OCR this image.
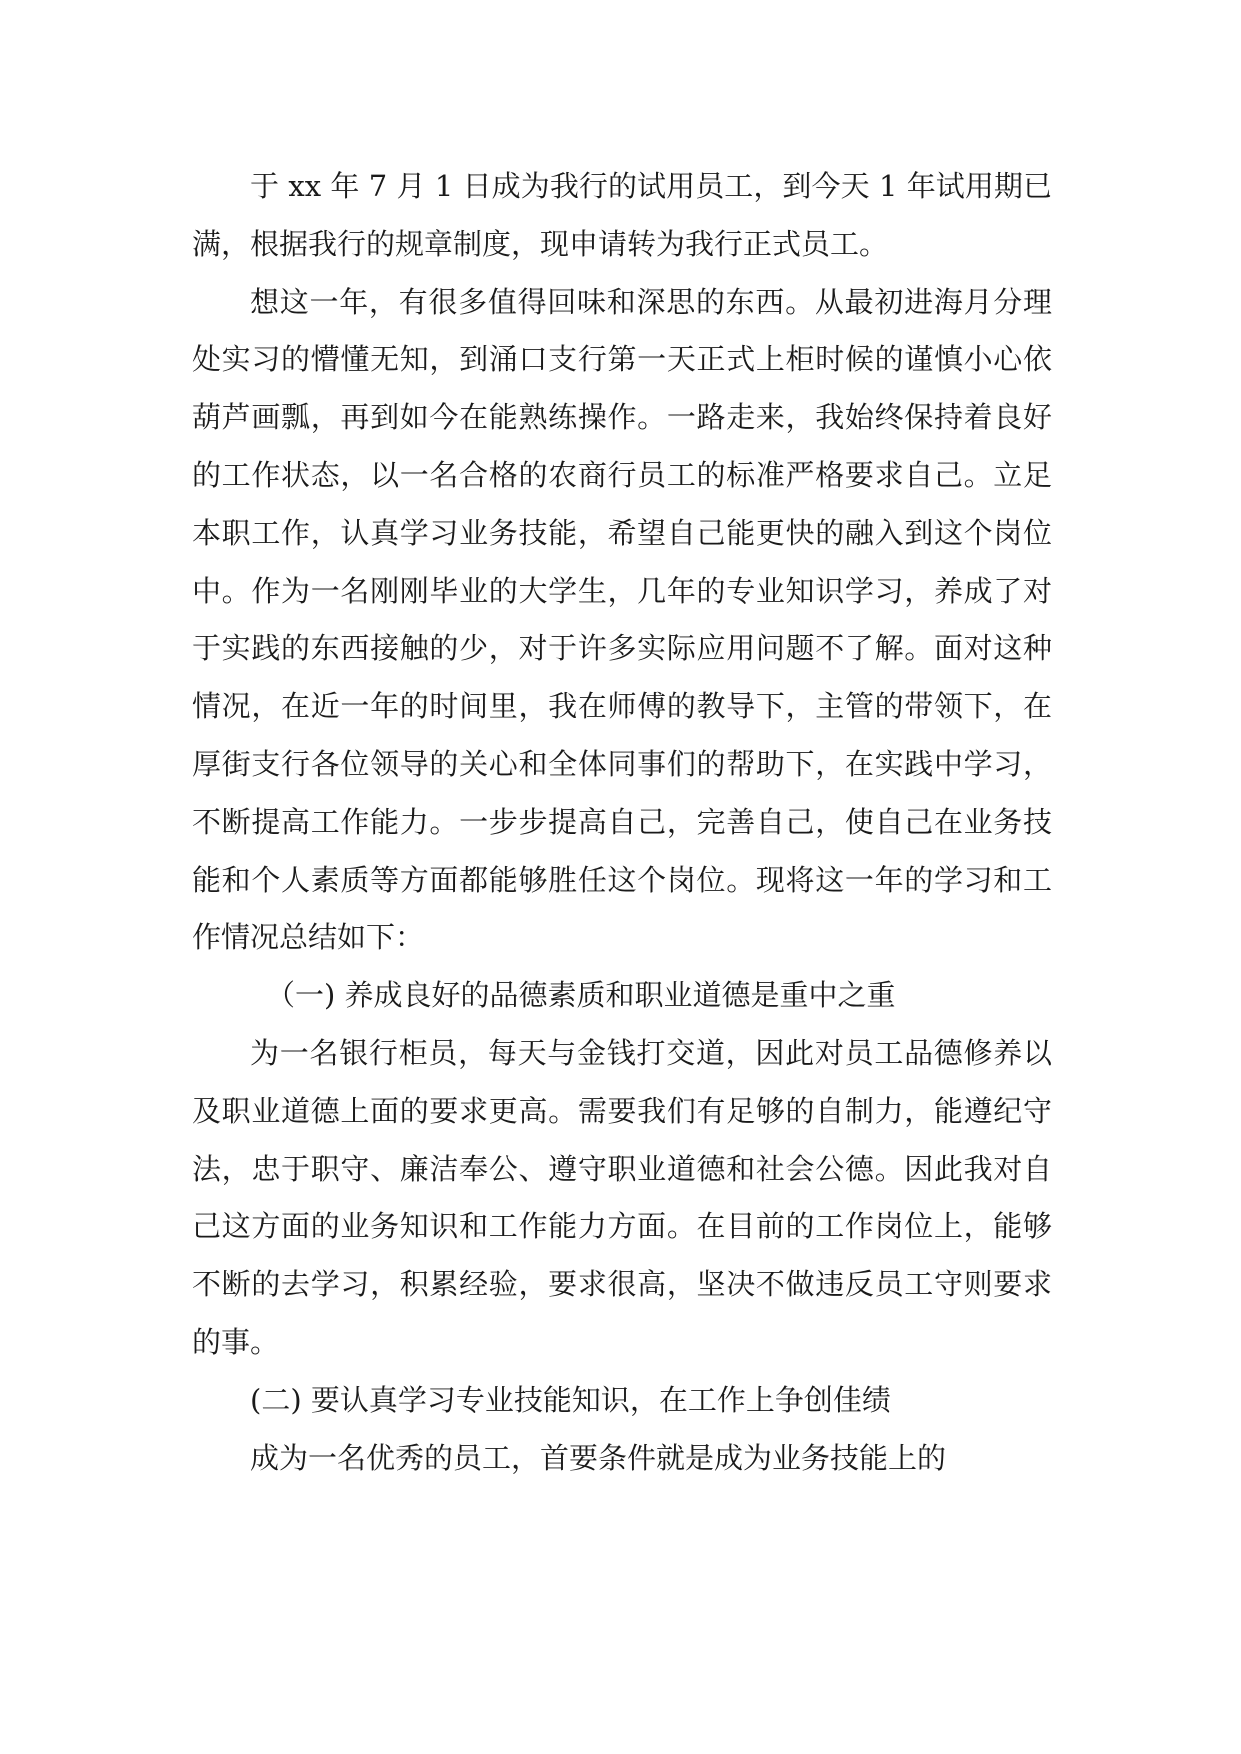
于 xx 年 7 月 1 日成为我行的试用员工，到今天 1 年试用期已满，根据我行的规章制度，现申请转为我行正式员工。

想这一年，有很多值得回味和深思的东西。从最初进海月分理处实习的懵懂无知，到涌口支行第一天正式上柜时候的谨慎小心依葫芦画瓢，再到如今在能熟练操作。一路走来，我始终保持着良好的工作状态，以一名合格的农商行员工的标准严格要求自己。立足本职工作，认真学习业务技能，希望自己能更快的融入到这个岗位中。作为一名刚刚毕业的大学生，几年的专业知识学习，养成了对于实践的东西接触的少，对于许多实际应用问题不了解。面对这种情况，在近一年的时间里，我在师傅的教导下，主管的带领下，在厚街支行各位领导的关心和全体同事们的帮助下，在实践中学习，不断提高工作能力。一步步提高自己，完善自己，使自己在业务技能和个人素质等方面都能够胜任这个岗位。现将这一年的学习和工作情况总结如下：

（一) 养成良好的品德素质和职业道德是重中之重

为一名银行柜员，每天与金钱打交道，因此对员工品德修养以及职业道德上面的要求更高。需要我们有足够的自制力，能遵纪守法，忠于职守、廉洁奉公、遵守职业道德和社会公德。因此我对自己这方面的业务知识和工作能力方面。在目前的工作岗位上，能够不断的去学习，积累经验，要求很高，坚决不做违反员工守则要求的事。

(二) 要认真学习专业技能知识，在工作上争创佳绩

成为一名优秀的员工，首要条件就是成为业务技能上的
